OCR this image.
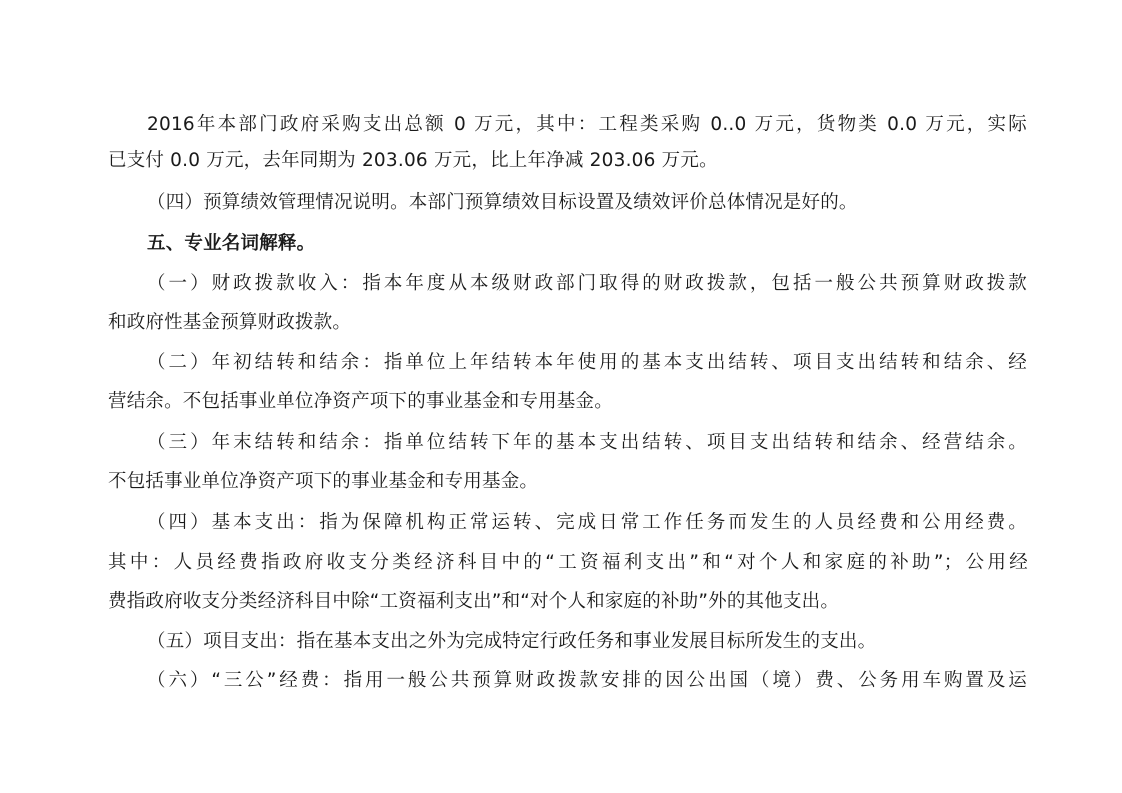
2016年本部门政府采购支出总额 0 万元，其中：工程类采购 0..0 万元，货物类 0.0 万元，实际
已支付 0.0 万元，去年同期为 203.06 万元，比上年净减 203.06 万元。
（四）预算绩效管理情况说明。本部门预算绩效目标设置及绩效评价总体情况是好的。
五、专业名词解释。
（一）财政拨款收入：指本年度从本级财政部门取得的财政拨款，包括一般公共预算财政拨款
和政府性基金预算财政拨款。
（二）年初结转和结余：指单位上年结转本年使用的基本支出结转、项目支出结转和结余、经
营结余。不包括事业单位净资产项下的事业基金和专用基金。
（三）年末结转和结余：指单位结转下年的基本支出结转、项目支出结转和结余、经营结余。
不包括事业单位净资产项下的事业基金和专用基金。
（四）基本支出：指为保障机构正常运转、完成日常工作任务而发生的人员经费和公用经费。
其中：人员经费指政府收支分类经济科目中的“工资福利支出”和“对个人和家庭的补助”；公用经
费指政府收支分类经济科目中除“工资福利支出”和“对个人和家庭的补助”外的其他支出。
（五）项目支出：指在基本支出之外为完成特定行政任务和事业发展目标所发生的支出。
（六）“三公”经费：指用一般公共预算财政拨款安排的因公出国（境）费、公务用车购置及运
